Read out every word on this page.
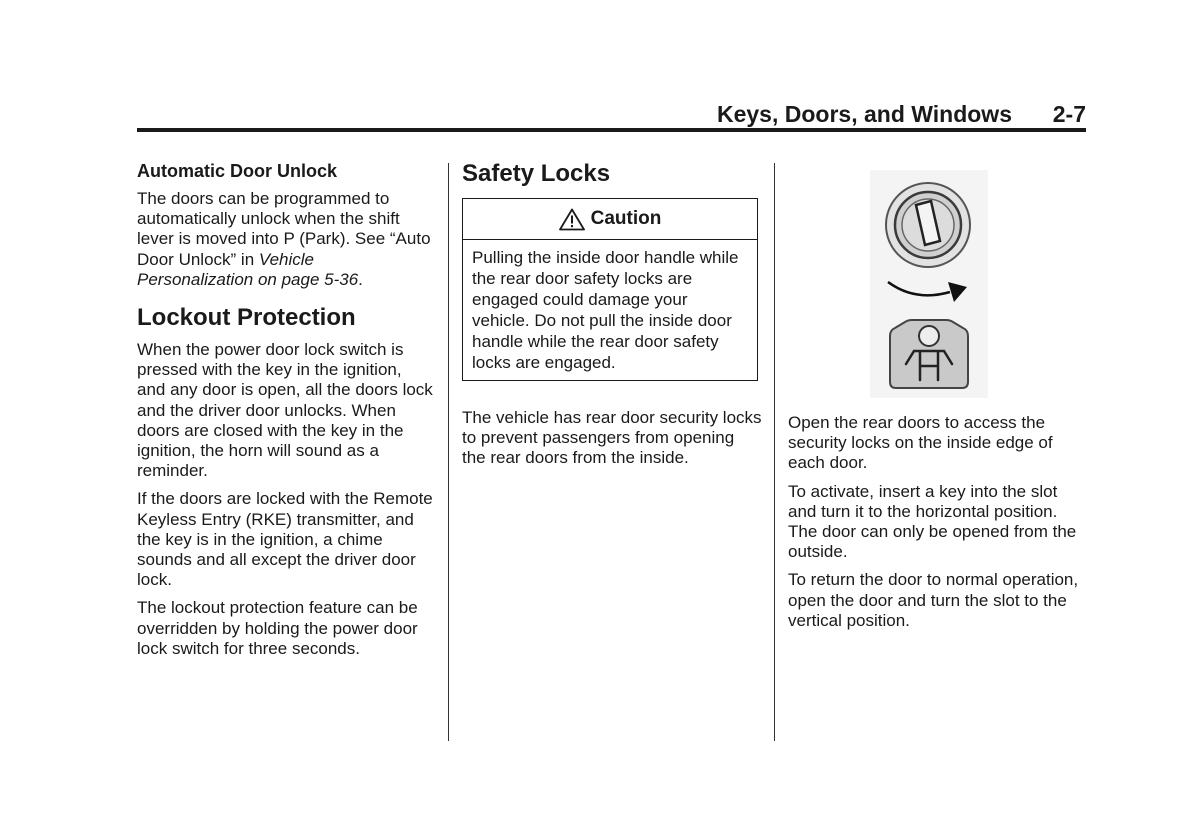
Keys, Doors, and Windows 2-7
Automatic Door Unlock

The doors can be programmed to automatically unlock when the shift lever is moved into P (Park). See “Auto Door Unlock” in Vehicle Personalization on page 5-36.

Lockout Protection

When the power door lock switch is pressed with the key in the ignition, and any door is open, all the doors lock and the driver door unlocks. When doors are closed with the key in the ignition, the horn will sound as a reminder.

If the doors are locked with the Remote Keyless Entry (RKE) transmitter, and the key is in the ignition, a chime sounds and all except the driver door lock.

The lockout protection feature can be overridden by holding the power door lock switch for three seconds.

Safety Locks
Caution
Pulling the inside door handle while the rear door safety locks are engaged could damage your vehicle. Do not pull the inside door handle while the rear door safety locks are engaged.

The vehicle has rear door security locks to prevent passengers from opening the rear doors from the inside.

Open the rear doors to access the security locks on the inside edge of each door.

To activate, insert a key into the slot and turn it to the horizontal position. The door can only be opened from the outside.

To return the door to normal operation, open the door and turn the slot to the vertical position.
